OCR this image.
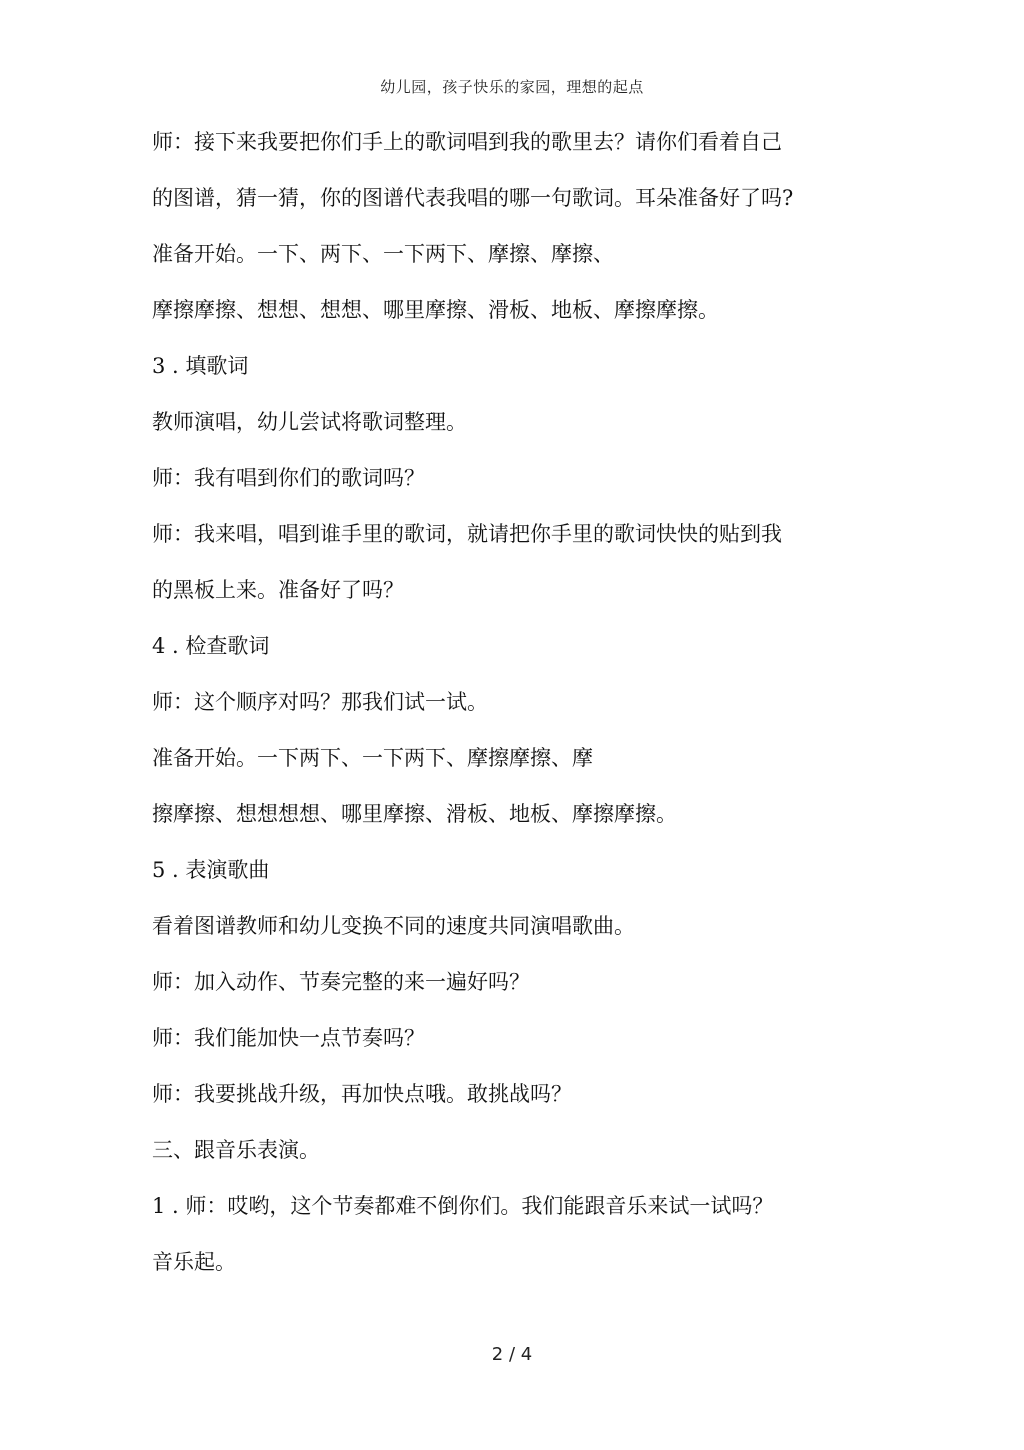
幼儿园，孩子快乐的家园，理想的起点
师：接下来我要把你们手上的歌词唱到我的歌里去？请你们看着自己
的图谱，猜一猜，你的图谱代表我唱的哪一句歌词。耳朵准备好了吗?
准备开始。一下、两下、一下两下、摩擦、摩擦、
摩擦摩擦、想想、想想、哪里摩擦、滑板、地板、摩擦摩擦。
3 . 填歌词
教师演唱，幼儿尝试将歌词整理。
师：我有唱到你们的歌词吗？
师：我来唱，唱到谁手里的歌词，就请把你手里的歌词快快的贴到我
的黑板上来。准备好了吗？
4 . 检查歌词
师：这个顺序对吗？那我们试一试。
准备开始。一下两下、一下两下、摩擦摩擦、摩
擦摩擦、想想想想、哪里摩擦、滑板、地板、摩擦摩擦。
5 . 表演歌曲
看着图谱教师和幼儿变换不同的速度共同演唱歌曲。
师：加入动作、节奏完整的来一遍好吗？
师：我们能加快一点节奏吗？
师：我要挑战升级，再加快点哦。敢挑战吗？
三、跟音乐表演。
1 . 师：哎哟，这个节奏都难不倒你们。我们能跟音乐来试一试吗？
音乐起。
2 / 4
